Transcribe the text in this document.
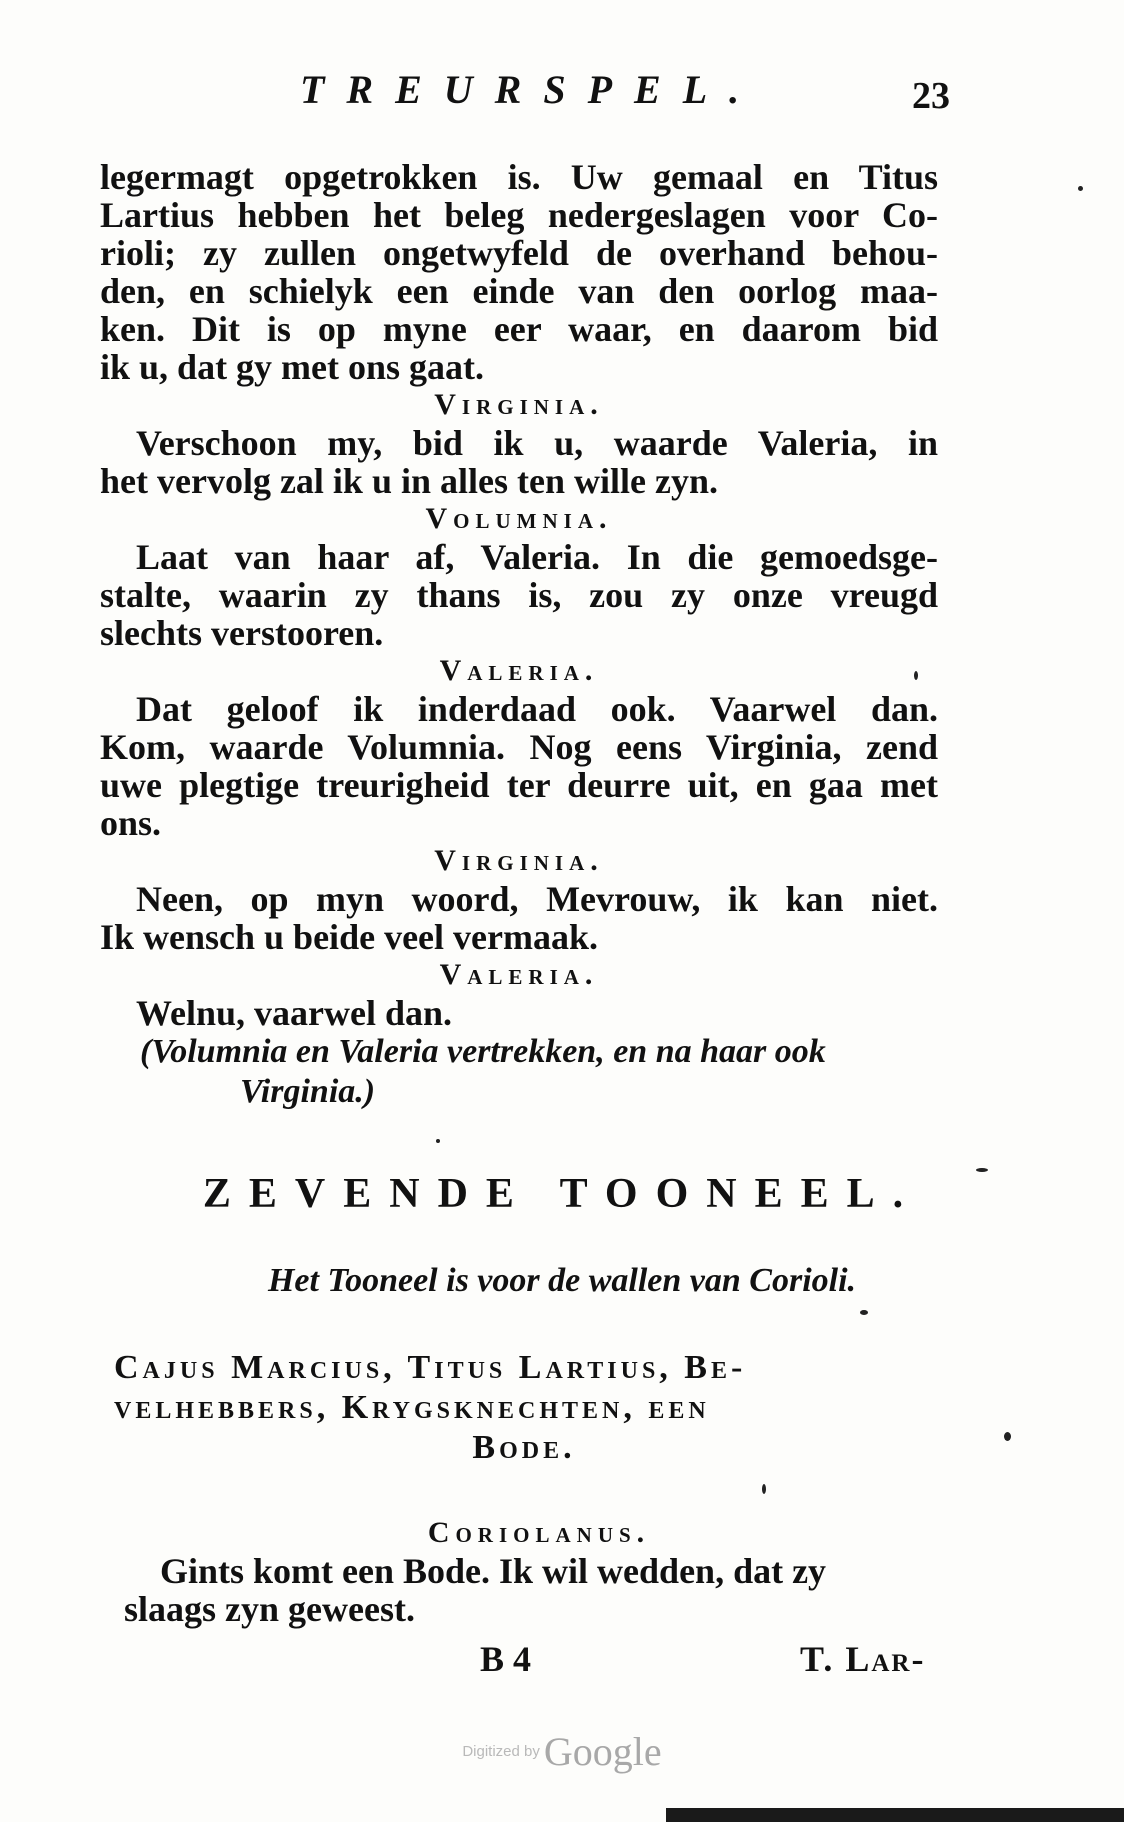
TREURSPEL.	23
legermagt opgetrokken is. Uw gemaal en Titus
Lartius hebben het beleg nedergeslagen voor Co-
rioli; zy zullen ongetwyfeld de overhand behou-
den, en schielyk een einde van den oorlog maa-
ken. Dit is op myne eer waar, en daarom bid
ik u, dat gy met ons gaat.
Virginia.
Verschoon my, bid ik u, waarde Valeria, in
het vervolg zal ik u in alles ten wille zyn.
Volumnia.
Laat van haar af, Valeria. In die gemoedsge-
stalte, waarin zy thans is, zou zy onze vreugd
slechts verstooren.
Valeria.
Dat geloof ik inderdaad ook. Vaarwel dan.
Kom, waarde Volumnia. Nog eens Virginia, zend
uwe plegtige treurigheid ter deurre uit, en gaa met
ons.
Virginia.
Neen, op myn woord, Mevrouw, ik kan niet.
Ik wensch u beide veel vermaak.
Valeria.
Welnu, vaarwel dan.
(Volumnia en Valeria vertrekken, en na haar ook
Virginia.)
ZEVENDE TOONEEL.
Het Tooneel is voor de wallen van Corioli.
Cajus Marcius, Titus Lartius, Be-
velhebbers, Krygsknechten, een
Bode.
Coriolanus.
Gints komt een Bode. Ik wil wedden, dat zy
slaags zyn geweest.
B 4	T. Lar-
Digitized by Google
